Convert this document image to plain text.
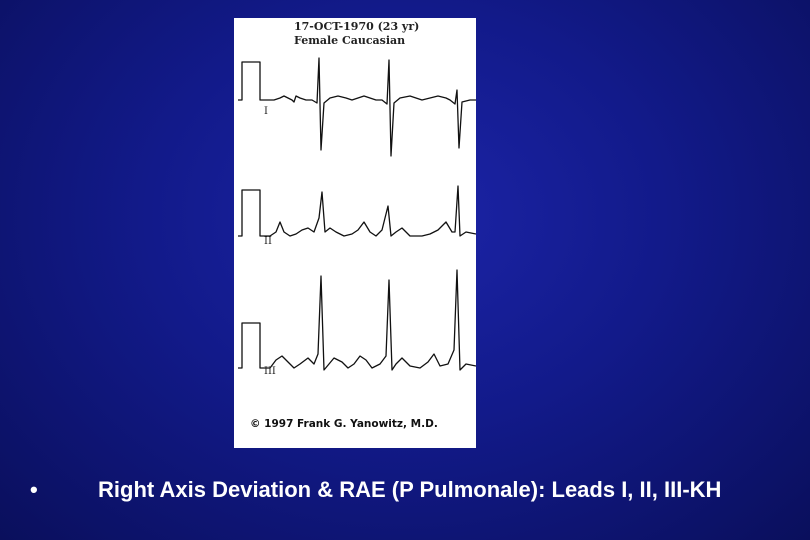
17-OCT-1970 (23 yr)
Female Caucasian
I
II
III
© 1997 Frank G. Yanowitz, M.D.
•	Right Axis Deviation & RAE (P Pulmonale): Leads I, II, III-KH
